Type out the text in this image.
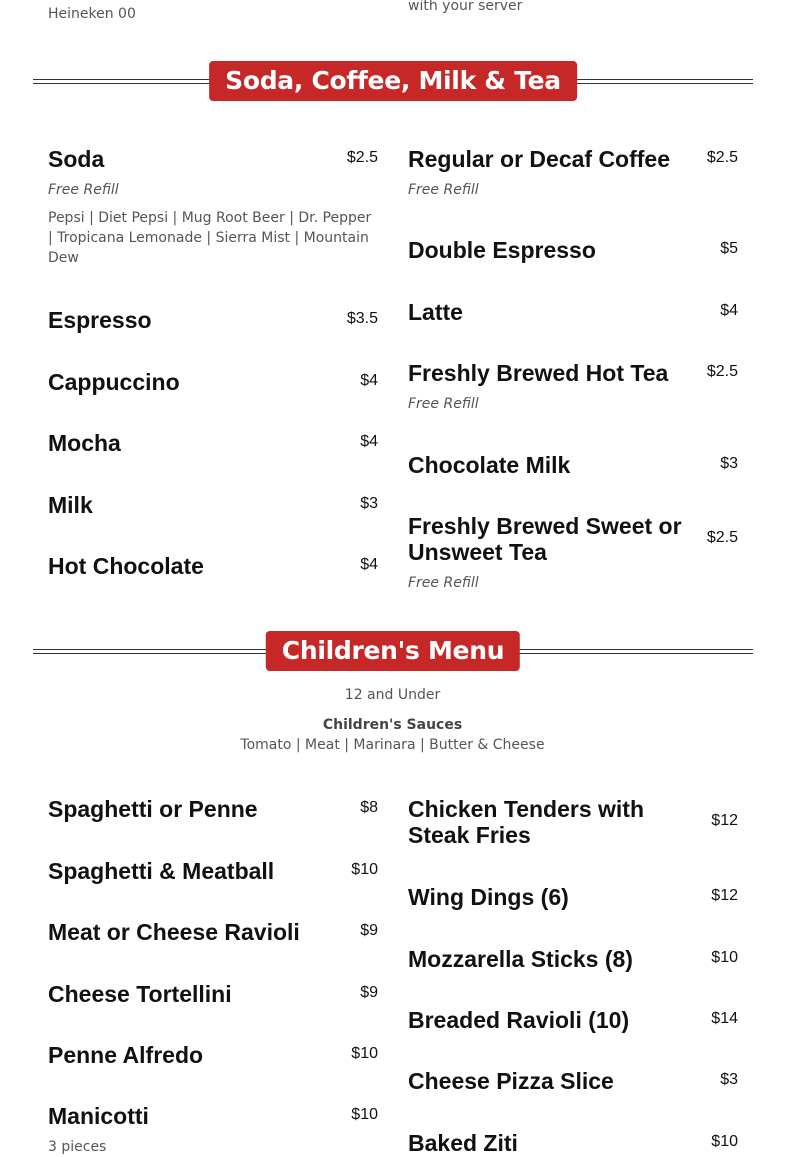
Heineken 00	with your server
Soda, Coffee, Milk & Tea
Soda	$2.5
Free Refill
Pepsi | Diet Pepsi | Mug Root Beer | Dr. Pepper | Tropicana Lemonade | Sierra Mist | Mountain Dew
Espresso	$3.5
Cappuccino	$4
Mocha	$4
Milk	$3
Hot Chocolate	$4
Regular or Decaf Coffee	$2.5
Free Refill
Double Espresso	$5
Latte	$4
Freshly Brewed Hot Tea	$2.5
Free Refill
Chocolate Milk	$3
Freshly Brewed Sweet or Unsweet Tea
$2.5
Free Refill
Children's Menu
12 and Under
Children's Sauces
Tomato | Meat | Marinara | Butter & Cheese
Spaghetti or Penne	$8
Spaghetti & Meatball	$10
Meat or Cheese Ravioli	$9
Cheese Tortellini	$9
Penne Alfredo	$10
Manicotti	$10
3 pieces
Chicken Tenders with Steak Fries
$12
Wing Dings (6)	$12
Mozzarella Sticks (8)	$10
Breaded Ravioli (10)	$14
Cheese Pizza Slice	$3
Baked Ziti	$10
